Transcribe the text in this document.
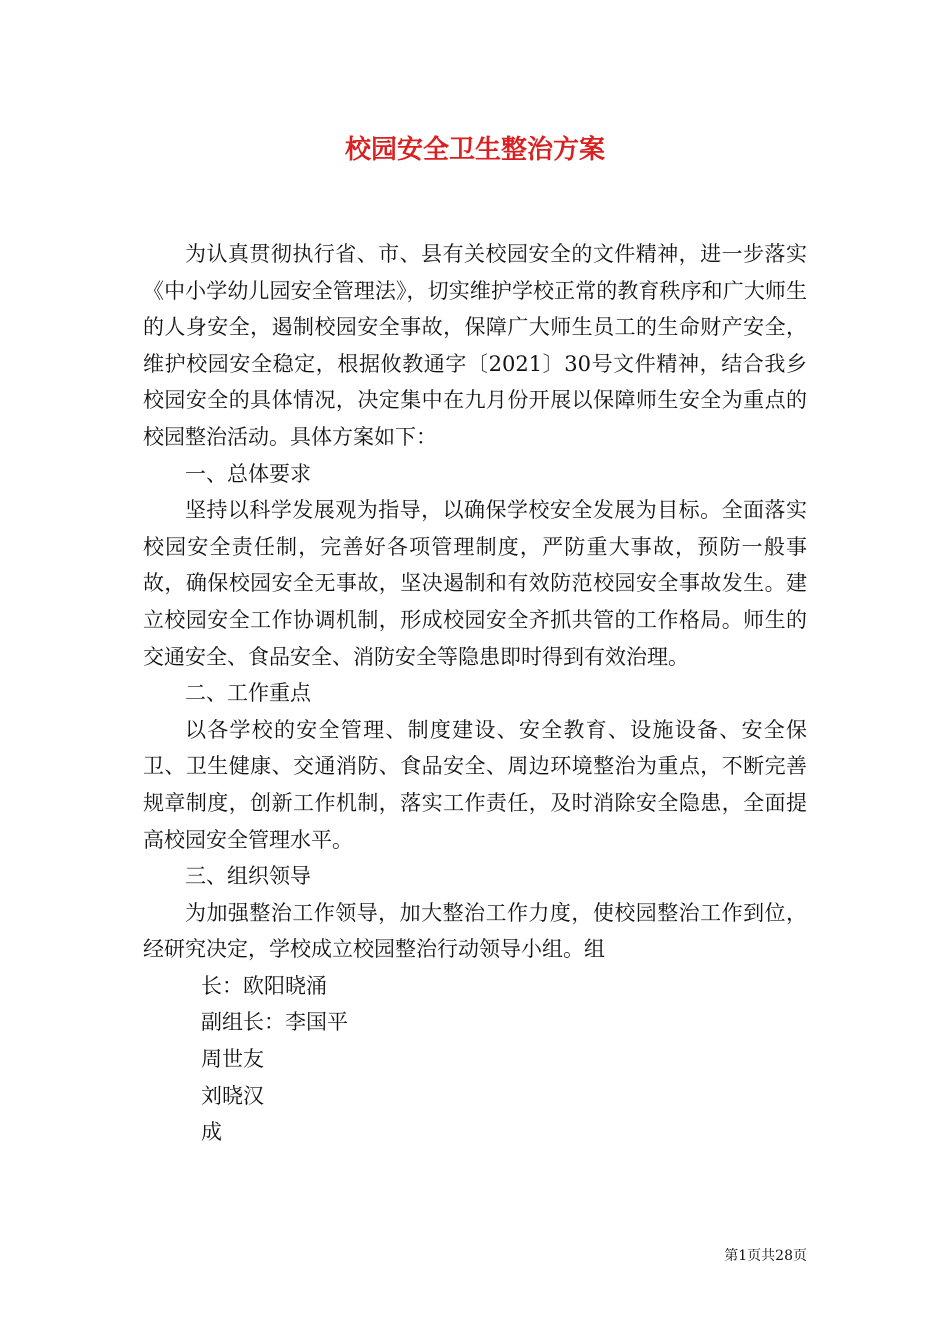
校园安全卫生整治方案

为认真贯彻执行省、市、县有关校园安全的文件精神，进一步落实《中小学幼儿园安全管理法》，切实维护学校正常的教育秩序和广大师生的人身安全，遏制校园安全事故，保障广大师生员工的生命财产安全，维护校园安全稳定，根据攸教通字〔2021〕30号文件精神，结合我乡校园安全的具体情况，决定集中在九月份开展以保障师生安全为重点的校园整治活动。具体方案如下：

一、总体要求

坚持以科学发展观为指导，以确保学校安全发展为目标。全面落实校园安全责任制，完善好各项管理制度，严防重大事故，预防一般事故，确保校园安全无事故，坚决遏制和有效防范校园安全事故发生。建立校园安全工作协调机制，形成校园安全齐抓共管的工作格局。师生的交通安全、食品安全、消防安全等隐患即时得到有效治理。

二、工作重点

以各学校的安全管理、制度建设、安全教育、设施设备、安全保卫、卫生健康、交通消防、食品安全、周边环境整治为重点，不断完善规章制度，创新工作机制，落实工作责任，及时消除安全隐患，全面提高校园安全管理水平。

三、组织领导

为加强整治工作领导，加大整治工作力度，使校园整治工作到位，经研究决定，学校成立校园整治行动领导小组。组

长：欧阳晓涌

副组长：李国平

周世友

刘晓汉

成

第1页共28页
